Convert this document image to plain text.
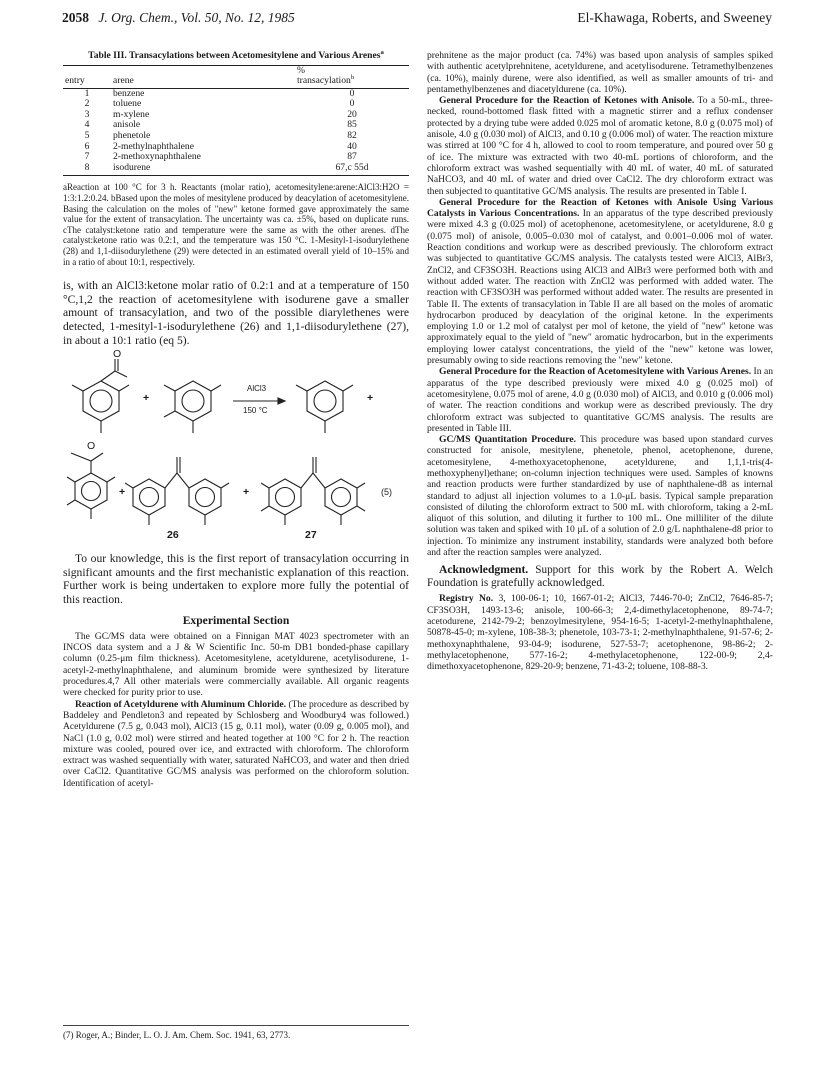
2058 J. Org. Chem., Vol. 50, No. 12, 1985	El-Khawaga, Roberts, and Sweeney
Table III. Transacylations between Acetomesitylene and Various Arenes$^a$
		%
entry	arene	transacylation$^b$
1	benzene	0
2	toluene	0
3	m-xylene	20
4	anisole	85
5	phenetole	82
6	2-methylnaphthalene	40
7	2-methoxynaphthalene	87
8	isodurene	67,c 55d
aReaction at 100 °C for 3 h. Reactants (molar ratio), acetomesitylene:arene:AlCl3:H2O = 1:3:1.2:0.24. bBased upon the moles of mesitylene produced by deacylation of acetomesitylene. Basing the calculation on the moles of "new" ketone formed gave approximately the same value for the extent of transacylation. The uncertainty was ca. ±5%, based on duplicate runs. cThe catalyst:ketone ratio and temperature were the same as with the other arenes. dThe catalyst:ketone ratio was 0.2:1, and the temperature was 150 °C. 1-Mesityl-1-isodurylethene (28) and 1,1-diisodurylethene (29) were detected in an estimated overall yield of 10–15% and in a ratio of about 10:1, respectively.

is, with an AlCl3:ketone molar ratio of 0.2:1 and at a temperature of 150 °C,1,2 the reaction of acetomesitylene with isodurene gave a smaller amount of transacylation, and two of the possible diarylethenes were detected, 1-mesityl-1-isodurylethene (26) and 1,1-diisodurylethene (27), in about a 10:1 ratio (eq 5).

O
O
+
AlCl3
150 °C
+
+	+	(5)
26	27

To our knowledge, this is the first report of transacylation occurring in significant amounts and the first mechanistic explanation of this reaction. Further work is being undertaken to explore more fully the potential of this reaction.

Experimental Section

The GC/MS data were obtained on a Finnigan MAT 4023 spectrometer with an INCOS data system and a J & W Scientific Inc. 50-m DB1 bonded-phase capillary column (0.25-μm film thickness). Acetomesitylene, acetyldurene, acetylisodurene, 1-acetyl-2-methylnaphthalene, and aluminum bromide were synthesized by literature procedures.4,7 All other materials were commercially available. All organic reagents were checked for purity prior to use.

Reaction of Acetyldurene with Aluminum Chloride. (The procedure as described by Baddeley and Pendleton3 and repeated by Schlosberg and Woodbury4 was followed.) Acetyldurene (7.5 g, 0.043 mol), AlCl3 (15 g, 0.11 mol), water (0.09 g, 0.005 mol), and NaCl (1.0 g, 0.02 mol) were stirred and heated together at 100 °C for 2 h. The reaction mixture was cooled, poured over ice, and extracted with chloroform. The chloroform extract was washed sequentially with water, saturated NaHCO3, and water and then dried over CaCl2. Quantitative GC/MS analysis was performed on the chloroform solution. Identification of acetyl-

(7) Roger, A.; Binder, L. O. J. Am. Chem. Soc. 1941, 63, 2773.

prehnitene as the major product (ca. 74%) was based upon analysis of samples spiked with authentic acetylprehnitene, acetyldurene, and acetylisodurene. Tetramethylbenzenes (ca. 10%), mainly durene, were also identified, as well as smaller amounts of tri- and pentamethylbenzenes and diacetyldurene (ca. 10%).

General Procedure for the Reaction of Ketones with Anisole. To a 50-mL, three-necked, round-bottomed flask fitted with a magnetic stirrer and a reflux condenser protected by a drying tube were added 0.025 mol of aromatic ketone, 8.0 g (0.075 mol) of anisole, 4.0 g (0.030 mol) of AlCl3, and 0.10 g (0.006 mol) of water. The reaction mixture was stirred at 100 °C for 4 h, allowed to cool to room temperature, and poured over 50 g of ice. The mixture was extracted with two 40-mL portions of chloroform, and the chloroform extract was washed sequentially with 40 mL of water, 40 mL of saturated NaHCO3, and 40 mL of water and dried over CaCl2. The dry chloroform extract was then subjected to quantitative GC/MS analysis. The results are presented in Table I.

General Procedure for the Reaction of Ketones with Anisole Using Various Catalysts in Various Concentrations. In an apparatus of the type described previously were mixed 4.3 g (0.025 mol) of acetophenone, acetomesitylene, or acetyldurene, 8.0 g (0.075 mol) of anisole, 0.005–0.030 mol of catalyst, and 0.001–0.006 mol of water. Reaction conditions and workup were as described previously. The chloroform extract was subjected to quantitative GC/MS analysis. The catalysts tested were AlCl3, AlBr3, ZnCl2, and CF3SO3H. Reactions using AlCl3 and AlBr3 were performed both with and without added water. The reaction with ZnCl2 was performed with added water. The reaction with CF3SO3H was performed without added water. The results are presented in Table II. The extents of transacylation in Table II are all based on the moles of aromatic hydrocarbon produced by deacylation of the original ketone. In the experiments employing 1.0 or 1.2 mol of catalyst per mol of ketone, the yield of "new" ketone was approximately equal to the yield of "new" aromatic hydrocarbon, but in the experiments employing lower catalyst concentrations, the yield of the "new" ketone was lower, presumably owing to side reactions removing the "new" ketone.

General Procedure for the Reaction of Acetomesitylene with Various Arenes. In an apparatus of the type described previously were mixed 4.0 g (0.025 mol) of acetomesitylene, 0.075 mol of arene, 4.0 g (0.030 mol) of AlCl3, and 0.010 g (0.006 mol) of water. The reaction conditions and workup were as described previously. The dry chloroform extract was subjected to quantitative GC/MS analysis. The results are presented in Table III.

GC/MS Quantitation Procedure. This procedure was based upon standard curves constructed for anisole, mesitylene, phenetole, phenol, acetophenone, durene, acetomesitylene, 4-methoxyacetophenone, acetyldurene, and 1,1,1-tris(4-methoxyphenyl)ethane; on-column injection techniques were used. Samples of knowns and reaction products were further standardized by use of naphthalene-d8 as internal standard to adjust all injection volumes to a 1.0-μL basis. Typical sample preparation consisted of diluting the chloroform extract to 500 mL with chloroform, taking a 2-mL aliquot of this solution, and diluting it further to 100 mL. One milliliter of the dilute solution was taken and spiked with 10 μL of a solution of 2.0 g/L naphthalene-d8 prior to injection. To minimize any instrument instability, standards were analyzed both before and after the reaction samples were analyzed.

Acknowledgment. Support for this work by the Robert A. Welch Foundation is gratefully acknowledged.

Registry No. 3, 100-06-1; 10, 1667-01-2; AlCl3, 7446-70-0; ZnCl2, 7646-85-7; CF3SO3H, 1493-13-6; anisole, 100-66-3; 2,4-dimethylacetophenone, 89-74-7; acetodurene, 2142-79-2; benzoylmesitylene, 954-16-5; 1-acetyl-2-methylnaphthalene, 50878-45-0; m-xylene, 108-38-3; phenetole, 103-73-1; 2-methylnaphthalene, 91-57-6; 2-methoxynaphthalene, 93-04-9; isodurene, 527-53-7; acetophenone, 98-86-2; 2-methylacetophenone, 577-16-2; 4-methylacetophenone, 122-00-9; 2,4-dimethoxyacetophenone, 829-20-9; benzene, 71-43-2; toluene, 108-88-3.
